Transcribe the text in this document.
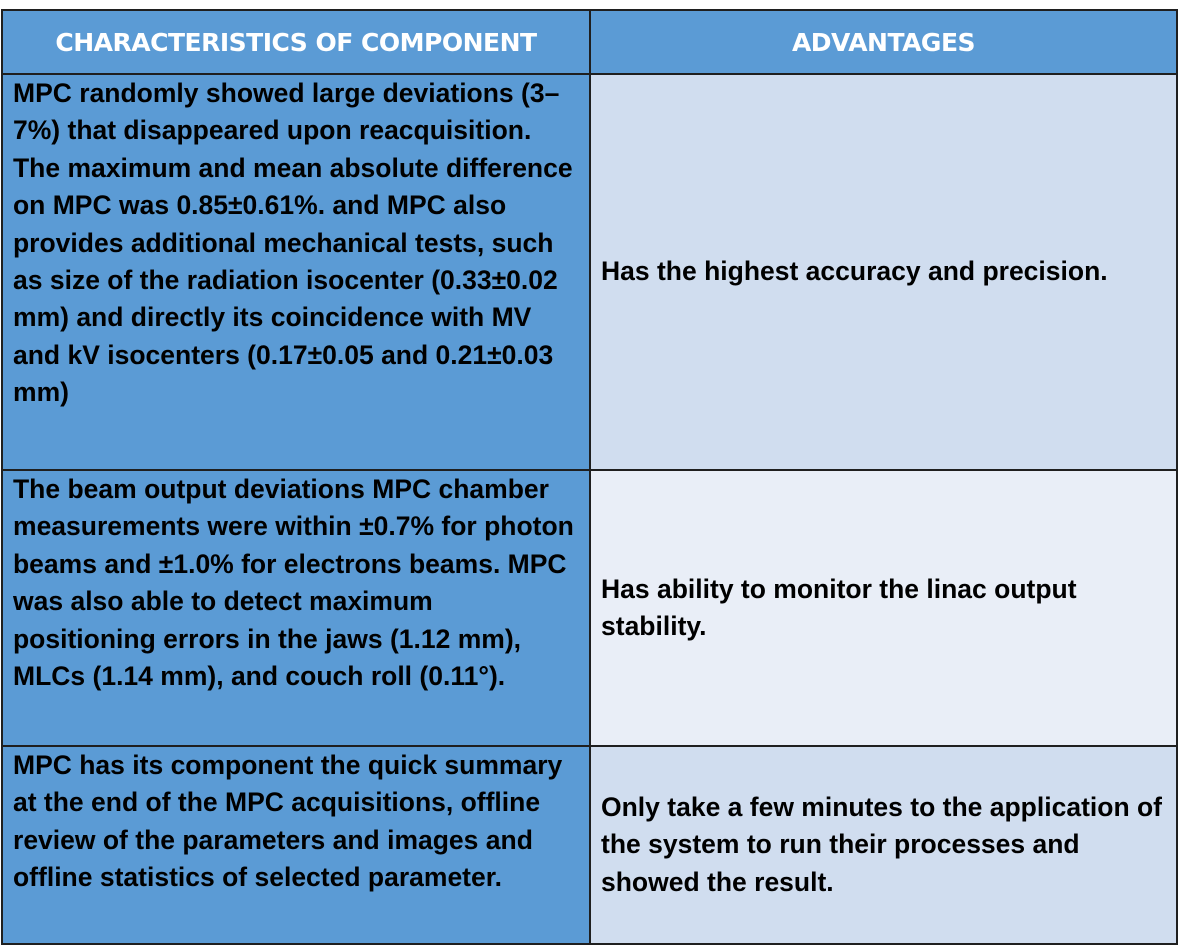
CHARACTERISTICS OF COMPONENT	ADVANTAGES
MPC randomly showed large deviations (3–7%) that disappeared upon reacquisition. The maximum and mean absolute difference on MPC was 0.85±0.61%. and MPC also provides additional mechanical tests, such as size of the radiation isocenter (0.33±0.02 mm) and directly its coincidence with MV and kV isocenters (0.17±0.05 and 0.21±0.03 mm)	Has the highest accuracy and precision.
The beam output deviations MPC chamber measurements were within ±0.7% for photon beams and ±1.0% for electrons beams. MPC was also able to detect maximum positioning errors in the jaws (1.12 mm), MLCs (1.14 mm), and couch roll (0.11°).	Has ability to monitor the linac output stability.
MPC has its component the quick summary at the end of the MPC acquisitions, offline review of the parameters and images and offline statistics of selected parameter.	Only take a few minutes to the application of the system to run their processes and showed the result.
